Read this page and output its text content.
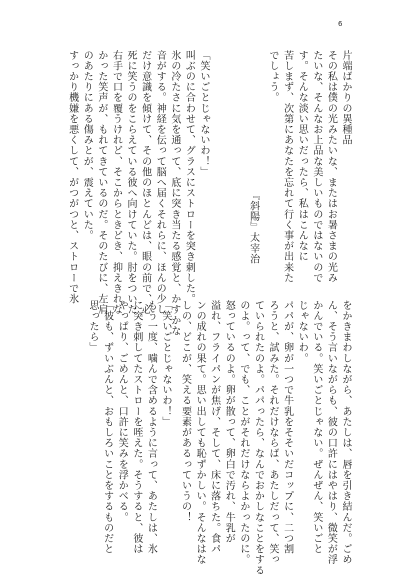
6

片端ばかりの異種品

その私は僕の光みたいな、またはお暑さまの光み

たいな、そんなお上品な美しいものではないので

す。そんな淡い思いだったら、私はこんなに

苦しまず、次第にあなたを忘れて行く事が出来た

でしょう。

『斜陽』太宰治

「笑いごとじゃないわ！」

叫ぶのに合わせて、グラスにストローを突き刺した。

氷の冷たさに気を通って、底に突き当たる感覚と、かすかな

音がする。神経を伝って脳へ届くそれらに、ほんの少し

だけ意識を傾けて、その他のほとんどは、眼の前で、必

死に笑うのをこらえている彼へ向けていた。肘をついた

右手で口を覆うけれど、そこからときどき、抑えきれな

かった笑声が、もれてきているのだ。そのたびに、左肩

のあたりにある傷みとが、震えていた。

すっかり機嫌を悪くして、がつがつと、ストローで氷

をかきまわしながら、あたしは、唇を引き結んだ。ごめ

ん、そう言いながらも、彼の口許にはやはり、微笑が浮

かんでいる。笑いごとじゃない。ぜんぜん、笑いごと

じゃないわ。

パパが、卵が一つで牛乳をそそいだコップに、二つ割

ろうと、試みた。それだけならば、あたしだって、笑っ

ていられたのよ。パパったら、なんでおかしなことをする

のよ。って、でも、ことがそれだけならよかったのに。

怒っているのよ。卵が散って、卵白で汚れ、牛乳が

溢れ、フライパンが焦げ、そして、床に落ちた。食パ

ンの成れの果て。思い出しても恥ずかしい。そんなはな

しの、どこが、笑える要素があるっていうの！

「笑いごとじゃないわ！」

もう一度、噛んで含めるように言って、あたしは、氷

に突き刺してたストローを咥えた。そうすると、彼は

やっぱり、ごめんと、口許に笑みを浮かべる。

「彼も、ずいぶんと、おもしろいことをするものだと

思ったら」
